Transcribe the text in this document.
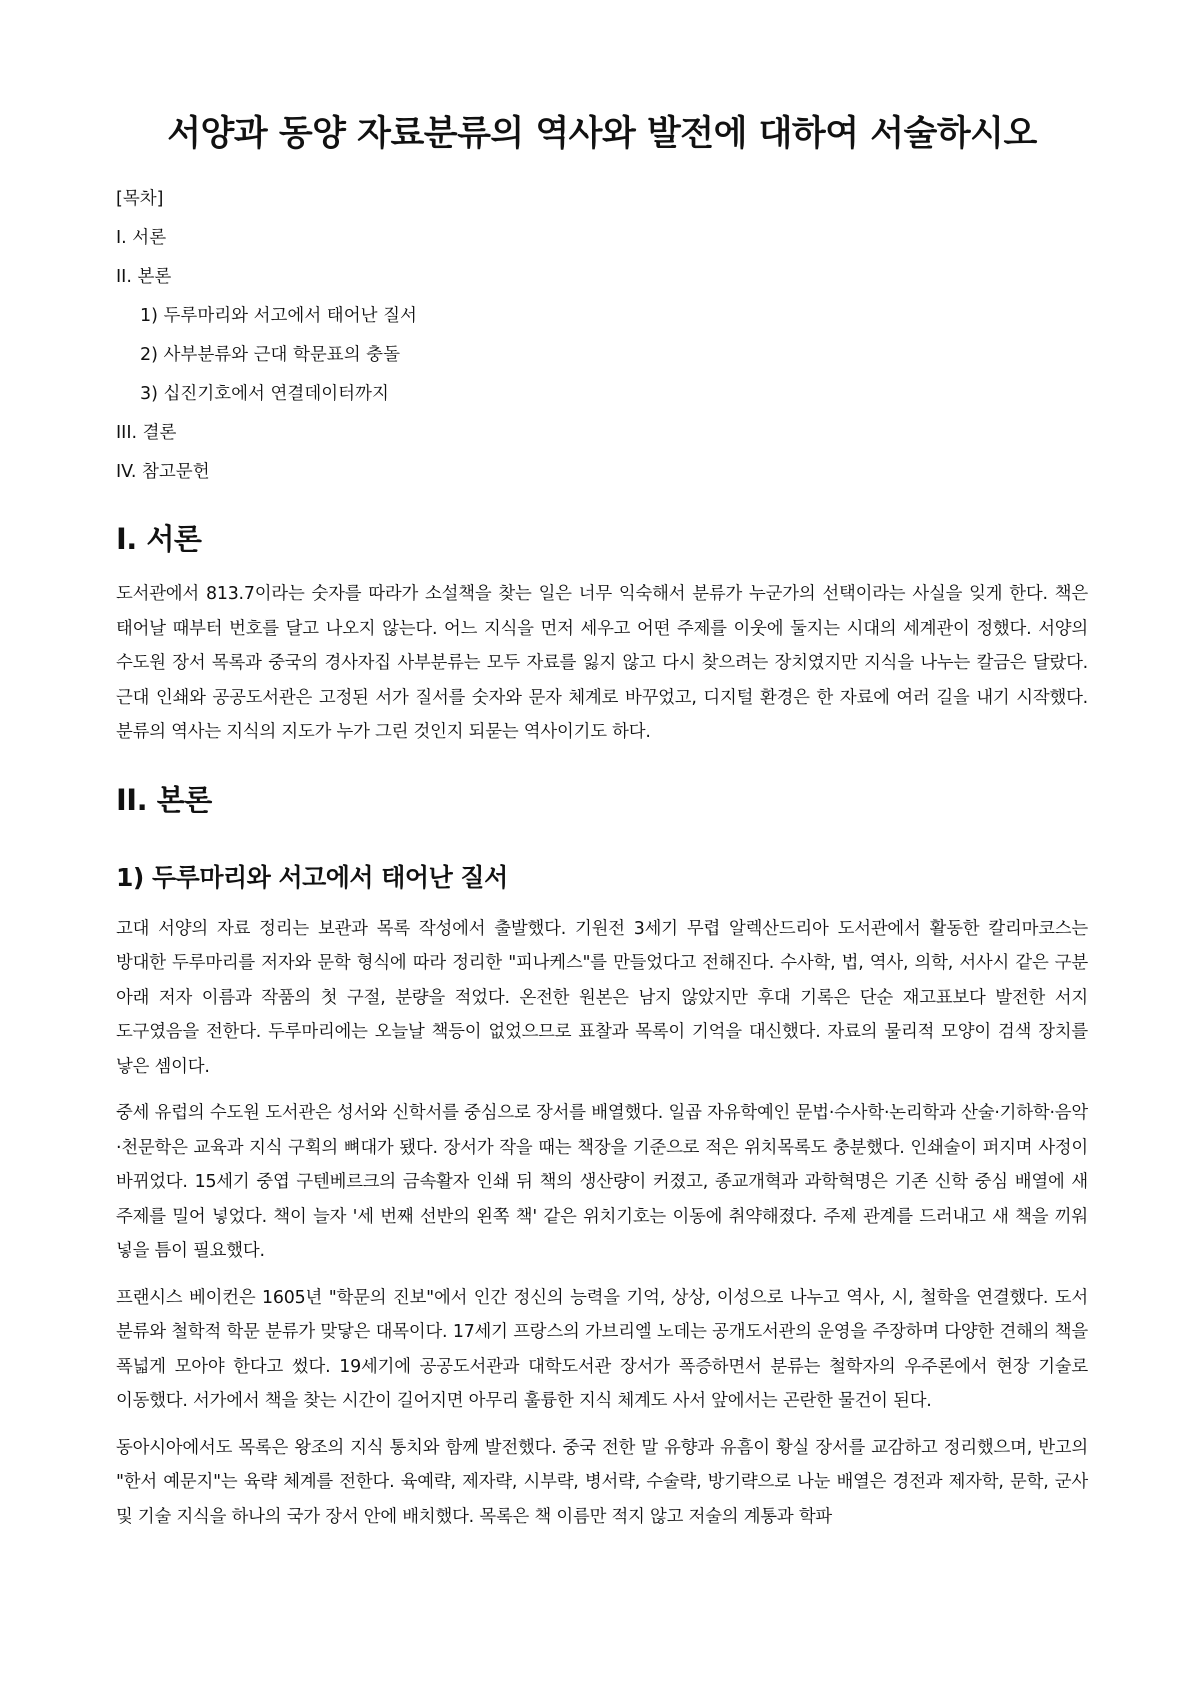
서양과 동양 자료분류의 역사와 발전에 대하여 서술하시오
[목차]
I. 서론
II. 본론
1) 두루마리와 서고에서 태어난 질서
2) 사부분류와 근대 학문표의 충돌
3) 십진기호에서 연결데이터까지
III. 결론
IV. 참고문헌
I. 서론

도서관에서 813.7이라는 숫자를 따라가 소설책을 찾는 일은 너무 익숙해서 분류가 누군가의 선택이라는 사실을 잊게 한다. 책은 태어날 때부터 번호를 달고 나오지 않는다. 어느 지식을 먼저 세우고 어떤 주제를 이웃에 둘지는 시대의 세계관이 정했다. 서양의 수도원 장서 목록과 중국의 경사자집 사부분류는 모두 자료를 잃지 않고 다시 찾으려는 장치였지만 지식을 나누는 칼금은 달랐다. 근대 인쇄와 공공도서관은 고정된 서가 질서를 숫자와 문자 체계로 바꾸었고, 디지털 환경은 한 자료에 여러 길을 내기 시작했다. 분류의 역사는 지식의 지도가 누가 그린 것인지 되묻는 역사이기도 하다.

II. 본론
1) 두루마리와 서고에서 태어난 질서

고대 서양의 자료 정리는 보관과 목록 작성에서 출발했다. 기원전 3세기 무렵 알렉산드리아 도서관에서 활동한 칼리마코스는 방대한 두루마리를 저자와 문학 형식에 따라 정리한 "피나케스"를 만들었다고 전해진다. 수사학, 법, 역사, 의학, 서사시 같은 구분 아래 저자 이름과 작품의 첫 구절, 분량을 적었다. 온전한 원본은 남지 않았지만 후대 기록은 단순 재고표보다 발전한 서지 도구였음을 전한다. 두루마리에는 오늘날 책등이 없었으므로 표찰과 목록이 기억을 대신했다. 자료의 물리적 모양이 검색 장치를 낳은 셈이다.

중세 유럽의 수도원 도서관은 성서와 신학서를 중심으로 장서를 배열했다. 일곱 자유학예인 문법·수사학·논리학과 산술·기하학·음악·천문학은 교육과 지식 구획의 뼈대가 됐다. 장서가 작을 때는 책장을 기준으로 적은 위치목록도 충분했다. 인쇄술이 퍼지며 사정이 바뀌었다. 15세기 중엽 구텐베르크의 금속활자 인쇄 뒤 책의 생산량이 커졌고, 종교개혁과 과학혁명은 기존 신학 중심 배열에 새 주제를 밀어 넣었다. 책이 늘자 '세 번째 선반의 왼쪽 책' 같은 위치기호는 이동에 취약해졌다. 주제 관계를 드러내고 새 책을 끼워 넣을 틈이 필요했다.

프랜시스 베이컨은 1605년 "학문의 진보"에서 인간 정신의 능력을 기억, 상상, 이성으로 나누고 역사, 시, 철학을 연결했다. 도서 분류와 철학적 학문 분류가 맞닿은 대목이다. 17세기 프랑스의 가브리엘 노데는 공개도서관의 운영을 주장하며 다양한 견해의 책을 폭넓게 모아야 한다고 썼다. 19세기에 공공도서관과 대학도서관 장서가 폭증하면서 분류는 철학자의 우주론에서 현장 기술로 이동했다. 서가에서 책을 찾는 시간이 길어지면 아무리 훌륭한 지식 체계도 사서 앞에서는 곤란한 물건이 된다.

동아시아에서도 목록은 왕조의 지식 통치와 함께 발전했다. 중국 전한 말 유향과 유흠이 황실 장서를 교감하고 정리했으며, 반고의 "한서 예문지"는 육략 체계를 전한다. 육예략, 제자략, 시부략, 병서략, 수술략, 방기략으로 나눈 배열은 경전과 제자학, 문학, 군사 및 기술 지식을 하나의 국가 장서 안에 배치했다. 목록은 책 이름만 적지 않고 저술의 계통과 학파
